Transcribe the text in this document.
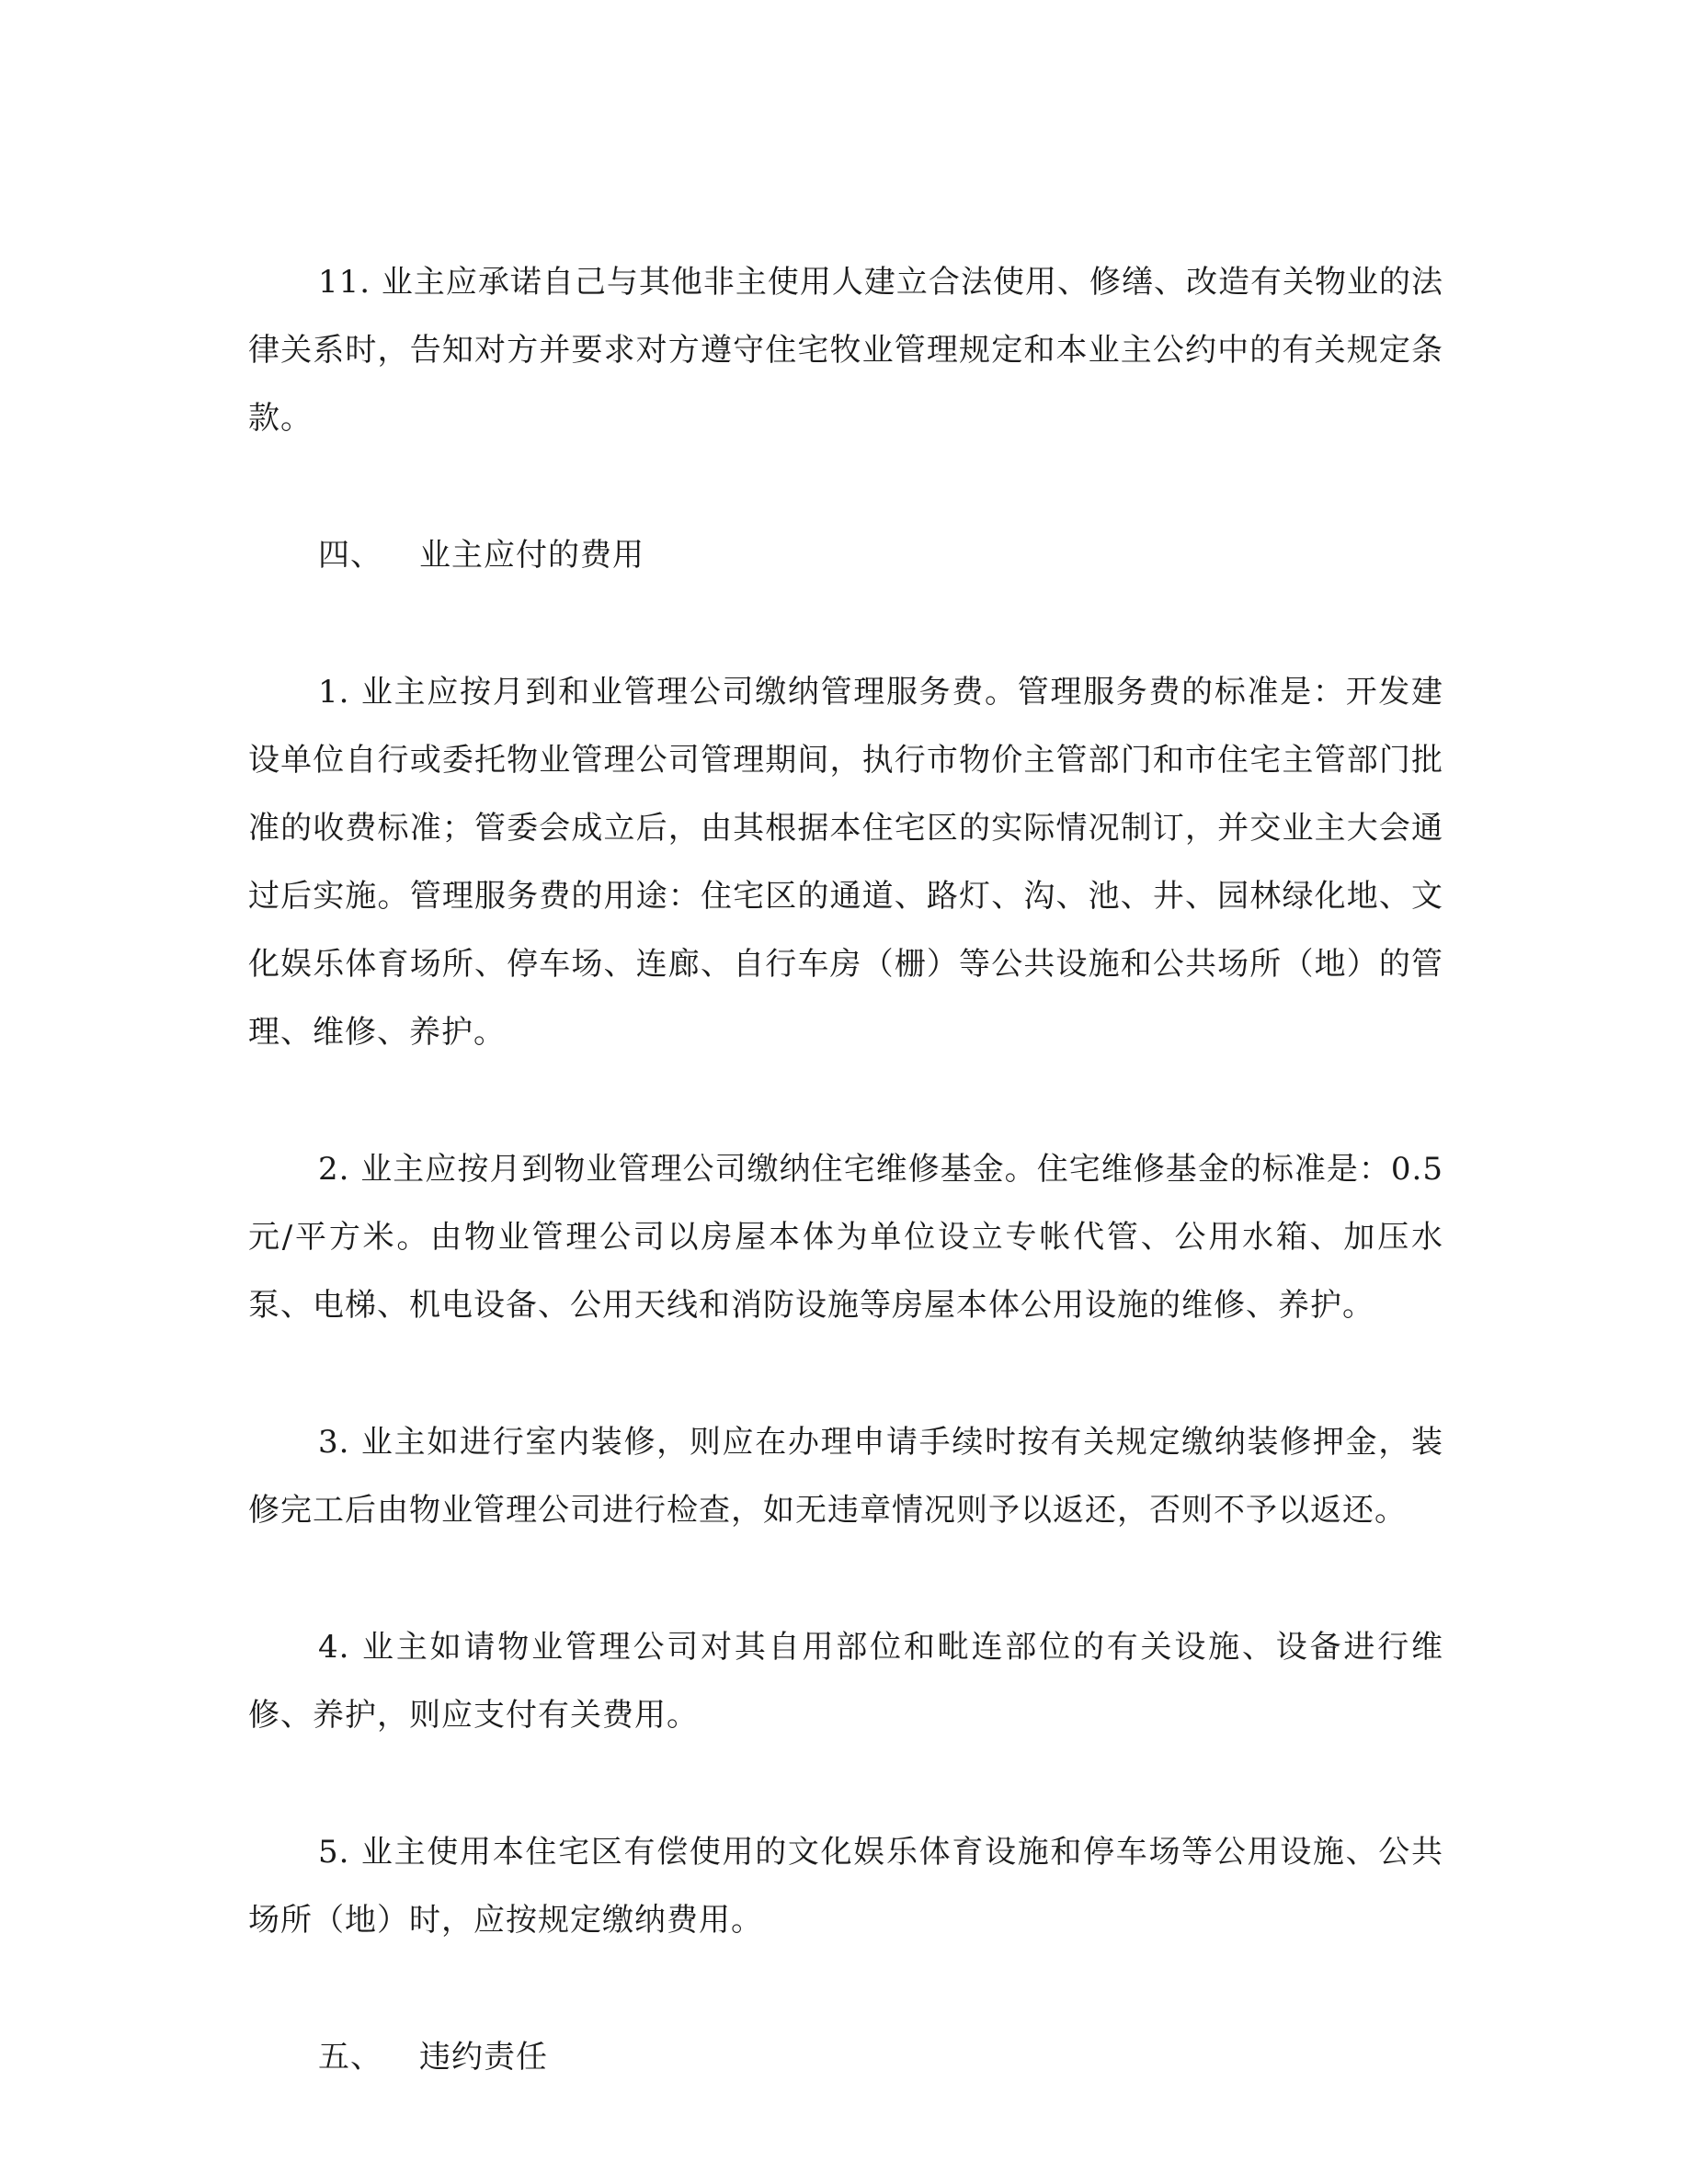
11. 业主应承诺自己与其他非主使用人建立合法使用、修缮、改造有关物业的法律关系时，告知对方并要求对方遵守住宅牧业管理规定和本业主公约中的有关规定条款。

四、 业主应付的费用

1. 业主应按月到和业管理公司缴纳管理服务费。管理服务费的标准是：开发建设单位自行或委托物业管理公司管理期间，执行市物价主管部门和市住宅主管部门批准的收费标准；管委会成立后，由其根据本住宅区的实际情况制订，并交业主大会通过后实施。管理服务费的用途：住宅区的通道、路灯、沟、池、井、园林绿化地、文化娱乐体育场所、停车场、连廊、自行车房（栅）等公共设施和公共场所（地）的管理、维修、养护。

2. 业主应按月到物业管理公司缴纳住宅维修基金。住宅维修基金的标准是：0.5元/平方米。由物业管理公司以房屋本体为单位设立专帐代管、公用水箱、加压水泵、电梯、机电设备、公用天线和消防设施等房屋本体公用设施的维修、养护。

3. 业主如进行室内装修，则应在办理申请手续时按有关规定缴纳装修押金，装修完工后由物业管理公司进行检查，如无违章情况则予以返还，否则不予以返还。

4. 业主如请物业管理公司对其自用部位和毗连部位的有关设施、设备进行维修、养护，则应支付有关费用。

5. 业主使用本住宅区有偿使用的文化娱乐体育设施和停车场等公用设施、公共场所（地）时，应按规定缴纳费用。

五、 违约责任
